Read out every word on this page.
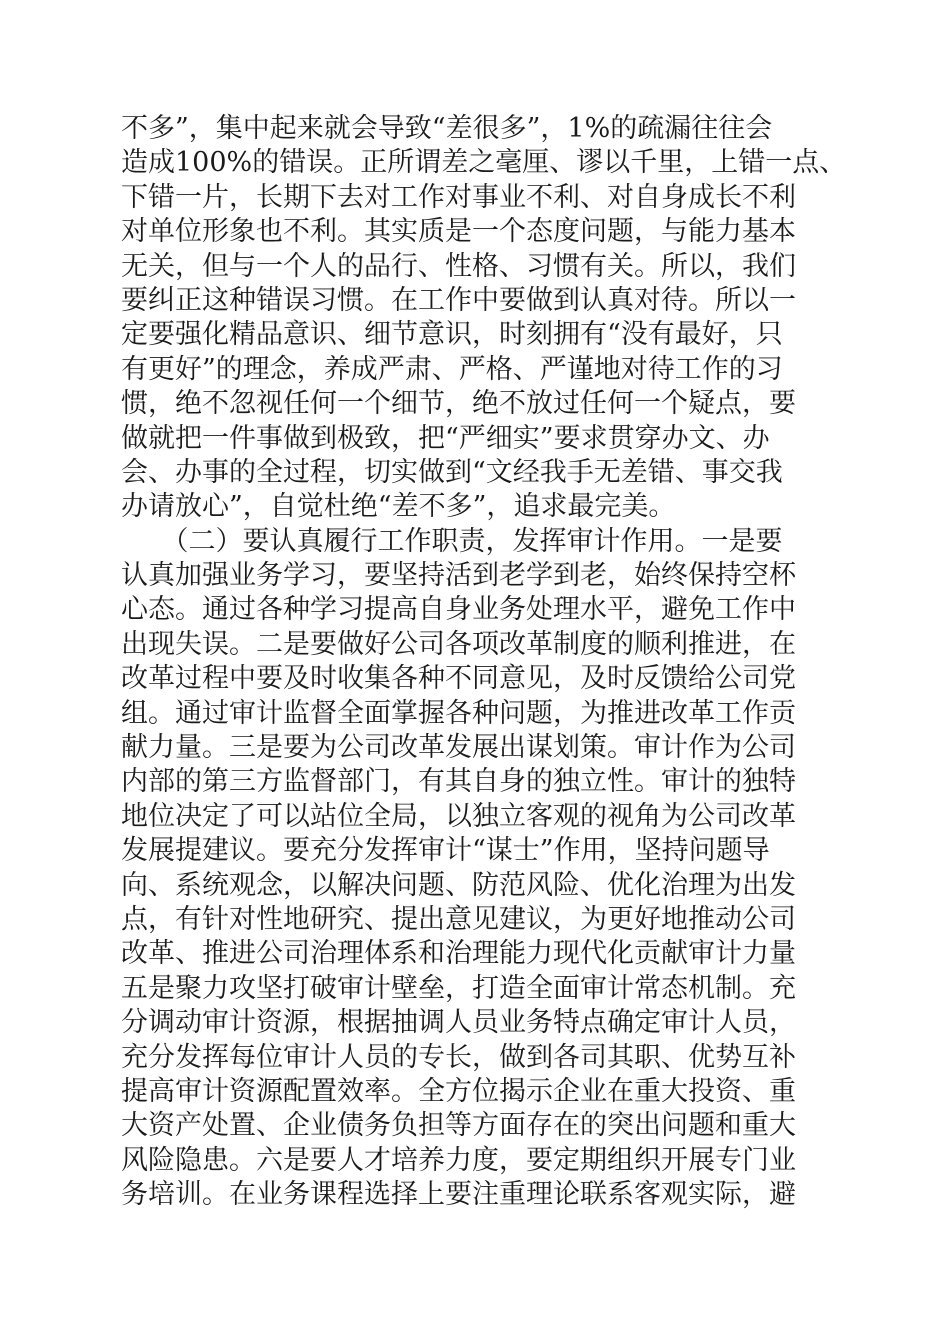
不多”，集中起来就会导致“差很多”，1%的疏漏往往会
造成100%的错误。正所谓差之毫厘、谬以千里，上错一点、
下错一片，长期下去对工作对事业不利、对自身成长不利
对单位形象也不利。其实质是一个态度问题，与能力基本
无关，但与一个人的品行、性格、习惯有关。所以，我们
要纠正这种错误习惯。在工作中要做到认真对待。所以一
定要强化精品意识、细节意识，时刻拥有“没有最好，只
有更好”的理念，养成严肃、严格、严谨地对待工作的习
惯，绝不忽视任何一个细节，绝不放过任何一个疑点，要
做就把一件事做到极致，把“严细实”要求贯穿办文、办
会、办事的全过程，切实做到“文经我手无差错、事交我
办请放心”，自觉杜绝“差不多”，追求最完美。
　　（二）要认真履行工作职责，发挥审计作用。一是要
认真加强业务学习，要坚持活到老学到老，始终保持空杯
心态。通过各种学习提高自身业务处理水平，避免工作中
出现失误。二是要做好公司各项改革制度的顺利推进，在
改革过程中要及时收集各种不同意见，及时反馈给公司党
组。通过审计监督全面掌握各种问题，为推进改革工作贡
献力量。三是要为公司改革发展出谋划策。审计作为公司
内部的第三方监督部门，有其自身的独立性。审计的独特
地位决定了可以站位全局，以独立客观的视角为公司改革
发展提建议。要充分发挥审计“谋士”作用，坚持问题导
向、系统观念，以解决问题、防范风险、优化治理为出发
点，有针对性地研究、提出意见建议，为更好地推动公司
改革、推进公司治理体系和治理能力现代化贡献审计力量
五是聚力攻坚打破审计壁垒，打造全面审计常态机制。充
分调动审计资源，根据抽调人员业务特点确定审计人员，
充分发挥每位审计人员的专长，做到各司其职、优势互补
提高审计资源配置效率。全方位揭示企业在重大投资、重
大资产处置、企业债务负担等方面存在的突出问题和重大
风险隐患。六是要人才培养力度，要定期组织开展专门业
务培训。在业务课程选择上要注重理论联系客观实际，避
